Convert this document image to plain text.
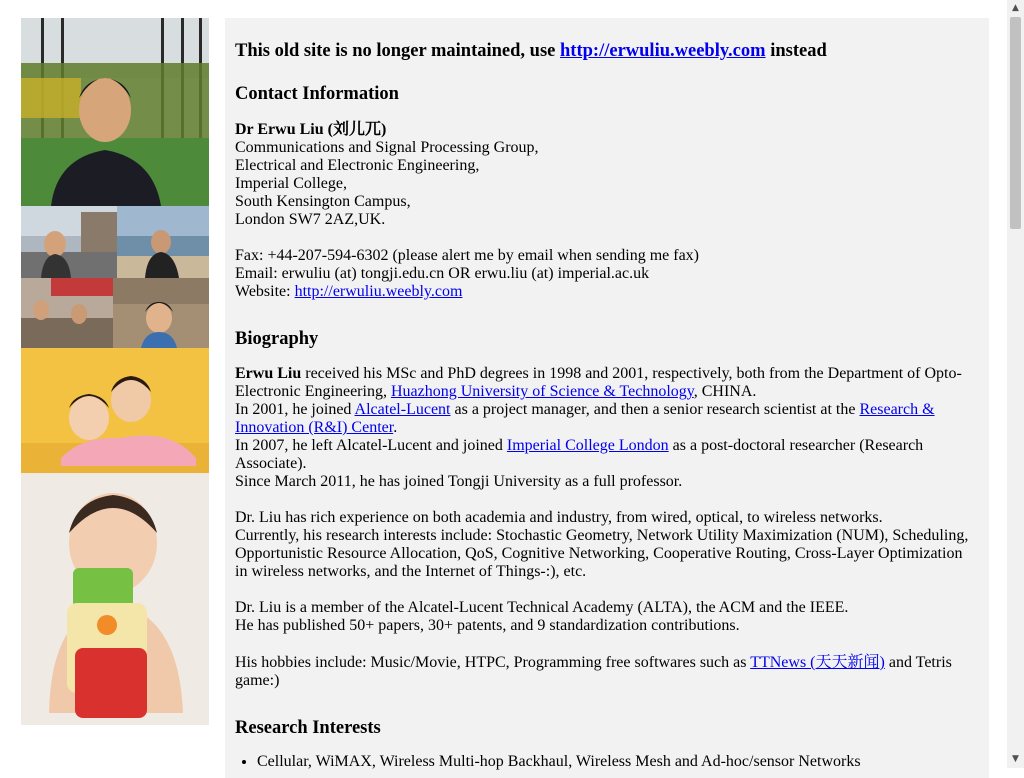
This old site is no longer maintained, use http://erwuliu.weebly.com instead
Contact Information
Dr Erwu Liu (刘儿兀)
Communications and Signal Processing Group,
Electrical and Electronic Engineering,
Imperial College,
South Kensington Campus,
London SW7 2AZ,UK.
Fax: +44-207-594-6302 (please alert me by email when sending me fax)
Email: erwuliu (at) tongji.edu.cn OR erwu.liu (at) imperial.ac.uk
Website: http://erwuliu.weebly.com
Biography
Erwu Liu received his MSc and PhD degrees in 1998 and 2001, respectively, both from the Department of Opto-Electronic Engineering, Huazhong University of Science & Technology, CHINA.
In 2001, he joined Alcatel-Lucent as a project manager, and then a senior research scientist at the Research & Innovation (R&I) Center.
In 2007, he left Alcatel-Lucent and joined Imperial College London as a post-doctoral researcher (Research Associate).
Since March 2011, he has joined Tongji University as a full professor.
Dr. Liu has rich experience on both academia and industry, from wired, optical, to wireless networks.
Currently, his research interests include: Stochastic Geometry, Network Utility Maximization (NUM), Scheduling, Opportunistic Resource Allocation, QoS, Cognitive Networking, Cooperative Routing, Cross-Layer Optimization in wireless networks, and the Internet of Things-:), etc.
Dr. Liu is a member of the Alcatel-Lucent Technical Academy (ALTA), the ACM and the IEEE.
He has published 50+ papers, 30+ patents, and 9 standardization contributions.
His hobbies include: Music/Movie, HTPC, Programming free softwares such as TTNews (天天新闻) and Tetris game:)
Research Interests
• Cellular, WiMAX, Wireless Multi-hop Backhaul, Wireless Mesh and Ad-hoc/sensor Networks
▲
▼
